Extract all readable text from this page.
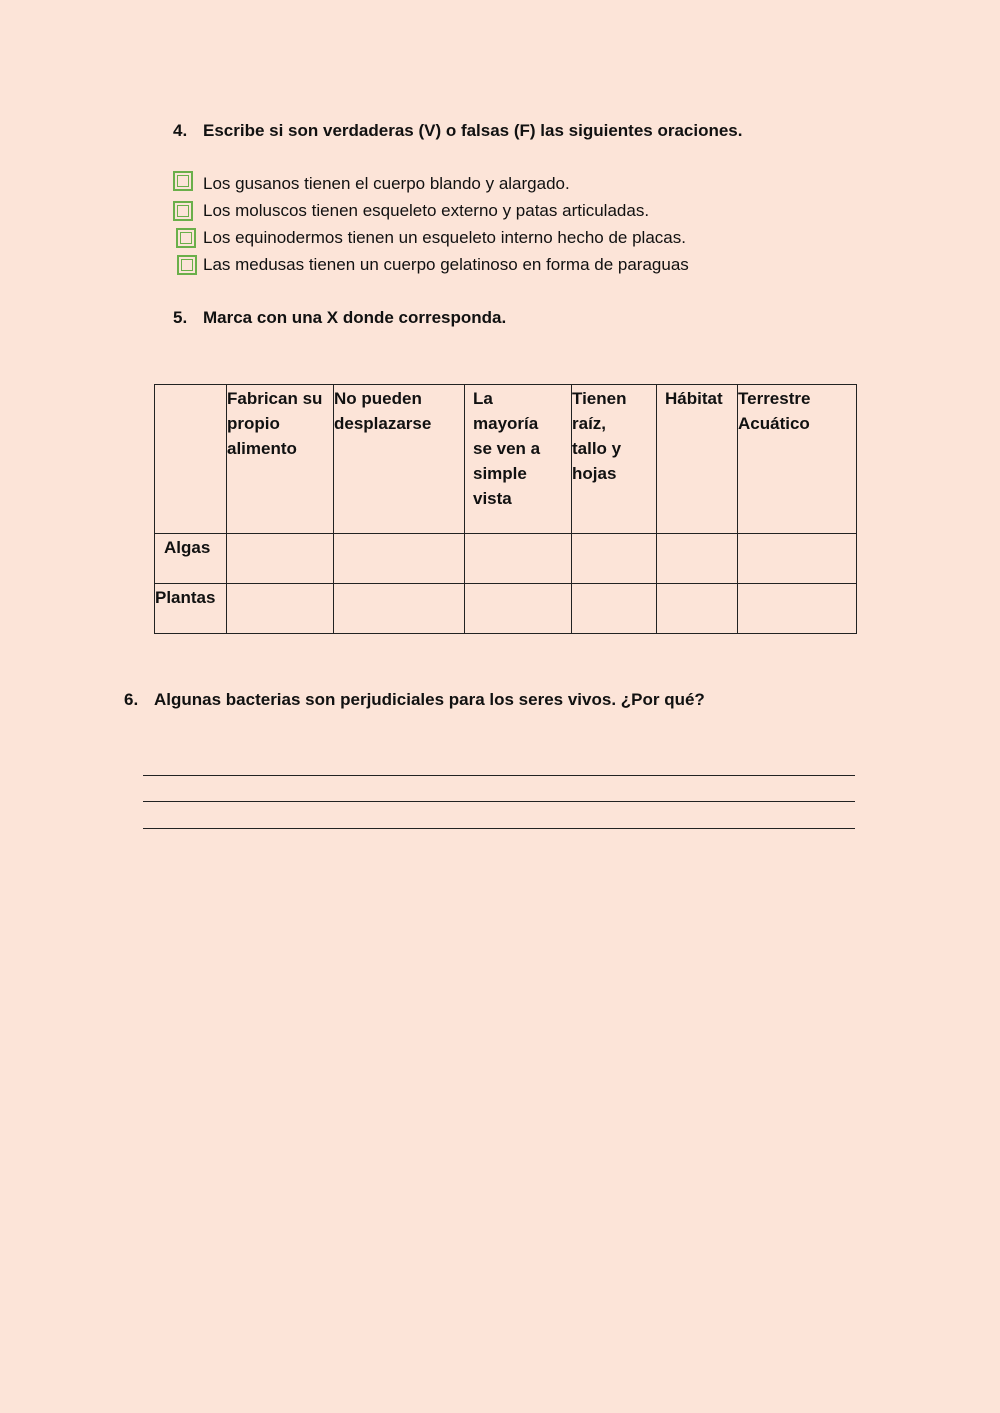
4. Escribe si son verdaderas (V) o falsas (F) las siguientes oraciones.
Los gusanos tienen el cuerpo blando y alargado.
Los moluscos tienen esqueleto externo y patas articuladas.
Los equinodermos tienen un esqueleto interno hecho de placas.
Las medusas tienen un cuerpo gelatinoso en forma de paraguas
5. Marca con una X donde corresponda.

	Fabrican su propio alimento	No pueden desplazarse	La mayoría se ven a simple vista	Tienen raíz, tallo y hojas	Hábitat	Terrestre Acuático

Algas						

Plantas						

6. Algunas bacterias son perjudiciales para los seres vivos. ¿Por qué?
